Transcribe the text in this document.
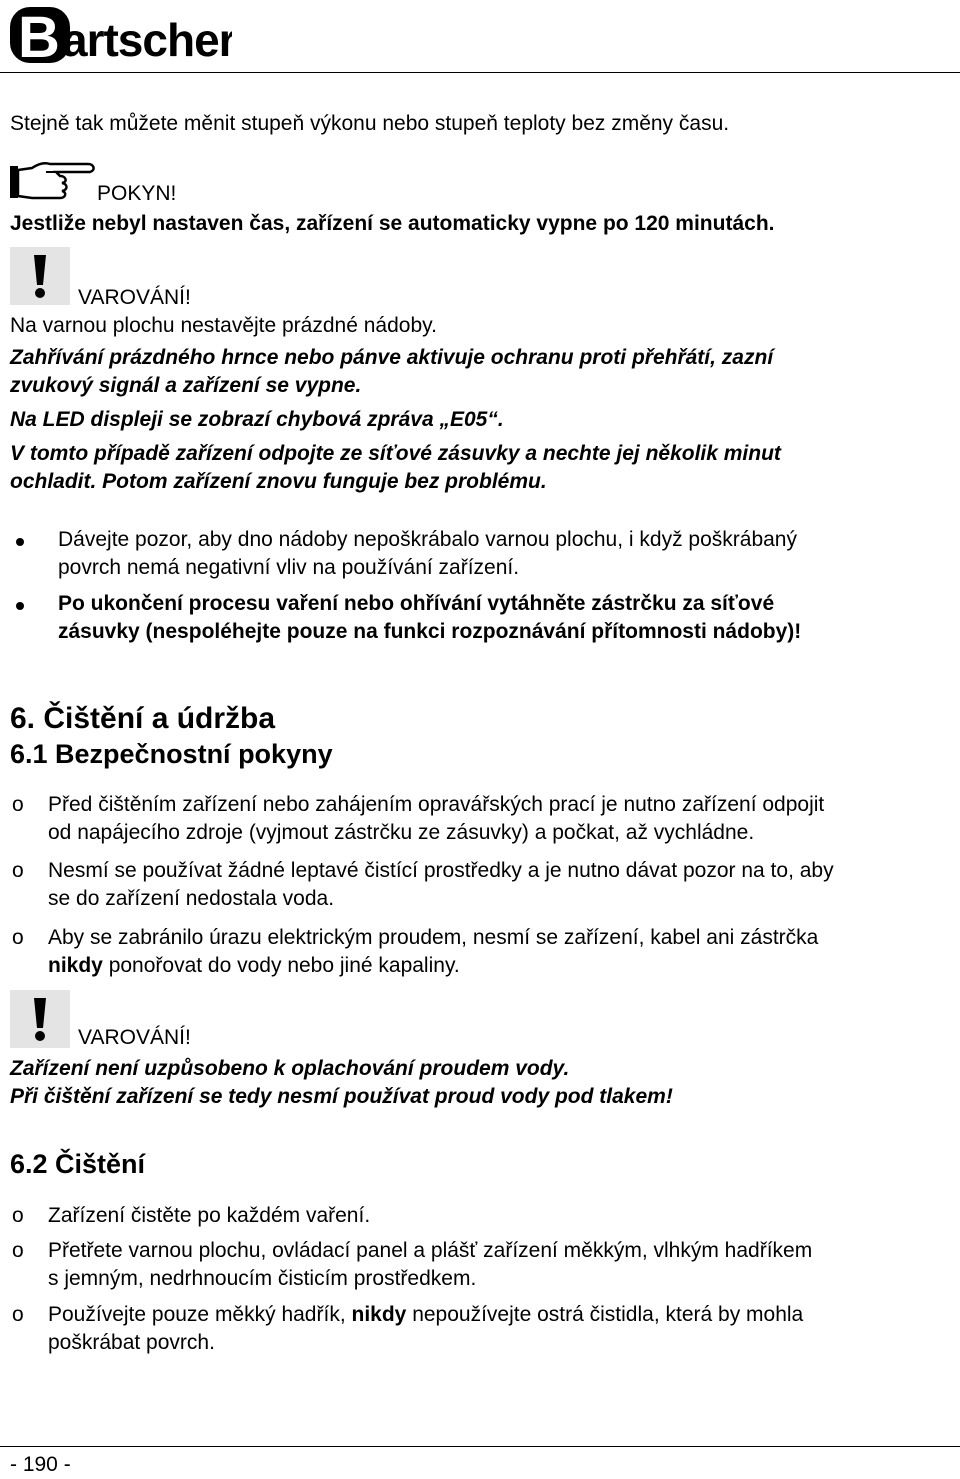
B artscher
Stejně tak můžete měnit stupeň výkonu nebo stupeň teploty bez změny času.
POKYN!
Jestliže nebyl nastaven čas, zařízení se automaticky vypne po 120 minutách.
VAROVÁNÍ!
Na varnou plochu nestavějte prázdné nádoby.
Zahřívání prázdného hrnce nebo pánve aktivuje ochranu proti přehřátí, zazní
zvukový signál a zařízení se vypne.
Na LED displeji se zobrazí chybová zpráva „E05“.
V tomto případě zařízení odpojte ze síťové zásuvky a nechte jej několik minut
ochladit. Potom zařízení znovu funguje bez problému.
Dávejte pozor, aby dno nádoby nepoškrábalo varnou plochu, i když poškrábaný
povrch nemá negativní vliv na používání zařízení.
Po ukončení procesu vaření nebo ohřívání vytáhněte zástrčku za síťové
zásuvky (nespoléhejte pouze na funkci rozpoznávání přítomnosti nádoby)!
6. Čištění a údržba
6.1 Bezpečnostní pokyny
o Před čištěním zařízení nebo zahájením opravářských prací je nutno zařízení odpojit
od napájecího zdroje (vyjmout zástrčku ze zásuvky) a počkat, až vychládne.
o Nesmí se používat žádné leptavé čistící prostředky a je nutno dávat pozor na to, aby
se do zařízení nedostala voda.
o Aby se zabránilo úrazu elektrickým proudem, nesmí se zařízení, kabel ani zástrčka
nikdy ponořovat do vody nebo jiné kapaliny.
VAROVÁNÍ!
Zařízení není uzpůsobeno k oplachování proudem vody.
Při čištění zařízení se tedy nesmí používat proud vody pod tlakem!
6.2 Čištění
o Zařízení čistěte po každém vaření.
o Přetřete varnou plochu, ovládací panel a plášť zařízení měkkým, vlhkým hadříkem
s jemným, nedrhnoucím čisticím prostředkem.
o Používejte pouze měkký hadřík, nikdy nepoužívejte ostrá čistidla, která by mohla
poškrábat povrch.
- 190 -
